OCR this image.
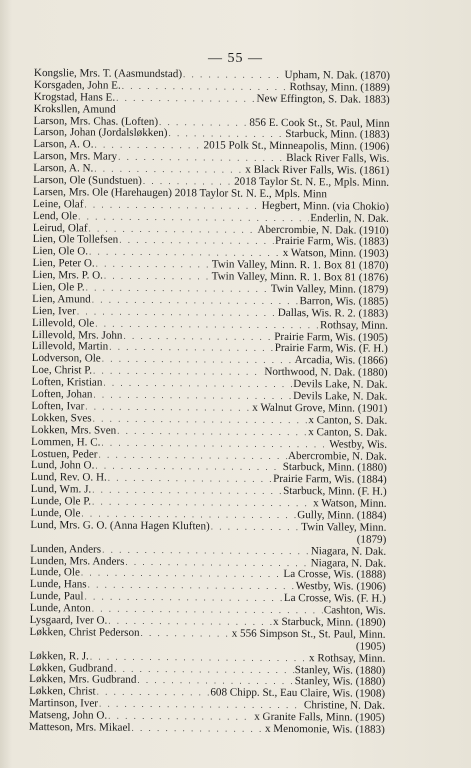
— 55 —
Kongslie, Mrs. T. (Aasmundstad) . . .	Upham, N. Dak. (1870)
Korsgaden, John E. . . .	Rothsay, Minn. (1889)
Krogstad, Hans E. . . .	New Effington, S. Dak. 1883)
Kroksllen, Amund
Larson, Mrs. Chas. (Loften) . . .	856 E. Cook St., St. Paul, Minn
Larson, Johan (Jordalsløkken) . . .	Starbuck, Minn. (1883)
Larson, A. O. . . .	2015 Polk St., Minneapolis, Minn. (1906)
Larson, Mrs. Mary . . .	Black River Falls, Wis.
Larson, A. N. . . .	x Black River Falls, Wis. (1861)
Larson, Ole (Sundstuen) . . .	2018 Taylor St. N. E., Mpls. Minn.
Larsen, Mrs. Ole (Harehaugen) 2018 Taylor St. N. E., Mpls. Minn
Leine, Olaf . . .	Hegbert, Minn. (via Chokio)
Lend, Ole . . .	Enderlin, N. Dak.
Leirud, Olaf . . .	Abercrombie, N. Dak. (1910)
Lien, Ole Tollefsen . . .	Prairie Farm, Wis. (1883)
Lien, Ole O. . . .	x Watson, Minn. (1903)
Lien, Peter O. . . .	Twin Valley, Minn. R. 1. Box 81 (1870)
Lien, Mrs. P. O. . . .	Twin Valley, Minn. R. 1. Box 81 (1876)
Lien, Ole P. . . .	Twin Valley, Minn. (1879)
Lien, Amund . . .	Barron, Wis. (1885)
Lien, Iver . . .	Dallas, Wis. R. 2. (1883)
Lillevold, Ole . . .	Rothsay, Minn.
Lillevold, Mrs. John . . .	Prairie Farm, Wis. (1905)
Lillevold, Martin . . .	Prairie Farm, Wis. (F. H.)
Lodverson, Ole . . .	Arcadia, Wis. (1866)
Loe, Christ P. . . .	Northwood, N. Dak. (1880)
Loften, Kristian . . .	Devils Lake, N. Dak.
Loften, Johan . . .	Devils Lake, N. Dak.
Loften, Ivar . . .	x Walnut Grove, Minn. (1901)
Lokken, Sves . . .	x Canton, S. Dak.
Lokken, Mrs. Sven . . .	x Canton, S. Dak.
Lommen, H. C. . . .	Westby, Wis.
Lostuen, Peder . . .	Abercrombie, N. Dak.
Lund, John O. . . .	Starbuck, Minn. (1880)
Lund, Rev. O. H. . . .	Prairie Farm, Wis. (1884)
Lund, Wm. J. . . .	Starbuck, Minn. (F. H.)
Lunde, Ole P. . . .	x Watson, Minn.
Lunde, Ole . . .	Gully, Minn. (1884)
Lund, Mrs. G. O. (Anna Hagen Kluften) . . .	Twin Valley, Minn.
(1879)
Lunden, Anders . . .	Niagara, N. Dak.
Lunden, Mrs. Anders . . .	Niagara, N. Dak.
Lunde, Ole . . .	La Crosse, Wis. (1888)
Lunde, Hans . . .	Westby, Wis. (1906)
Lunde, Paul . . .	La Crosse, Wis. (F. H.)
Lunde, Anton . . .	Cashton, Wis.
Lysgaard, Iver O. . . .	x Starbuck, Minn. (1890)
Løkken, Christ Pederson . . .	x 556 Simpson St., St. Paul, Minn.
(1905)
Løkken, R. J. . . .	x Rothsay, Minn.
Løkken, Gudbrand . . .	Stanley, Wis. (1880)
Løkken, Mrs. Gudbrand . . .	Stanley, Wis. (1880)
Løkken, Christ . . .	608 Chipp. St., Eau Claire, Wis. (1908)
Martinson, Iver . . .	Christine, N. Dak.
Matseng, John O. . . .	x Granite Falls, Minn. (1905)
Matteson, Mrs. Mikael . . .	x Menomonie, Wis. (1883)
